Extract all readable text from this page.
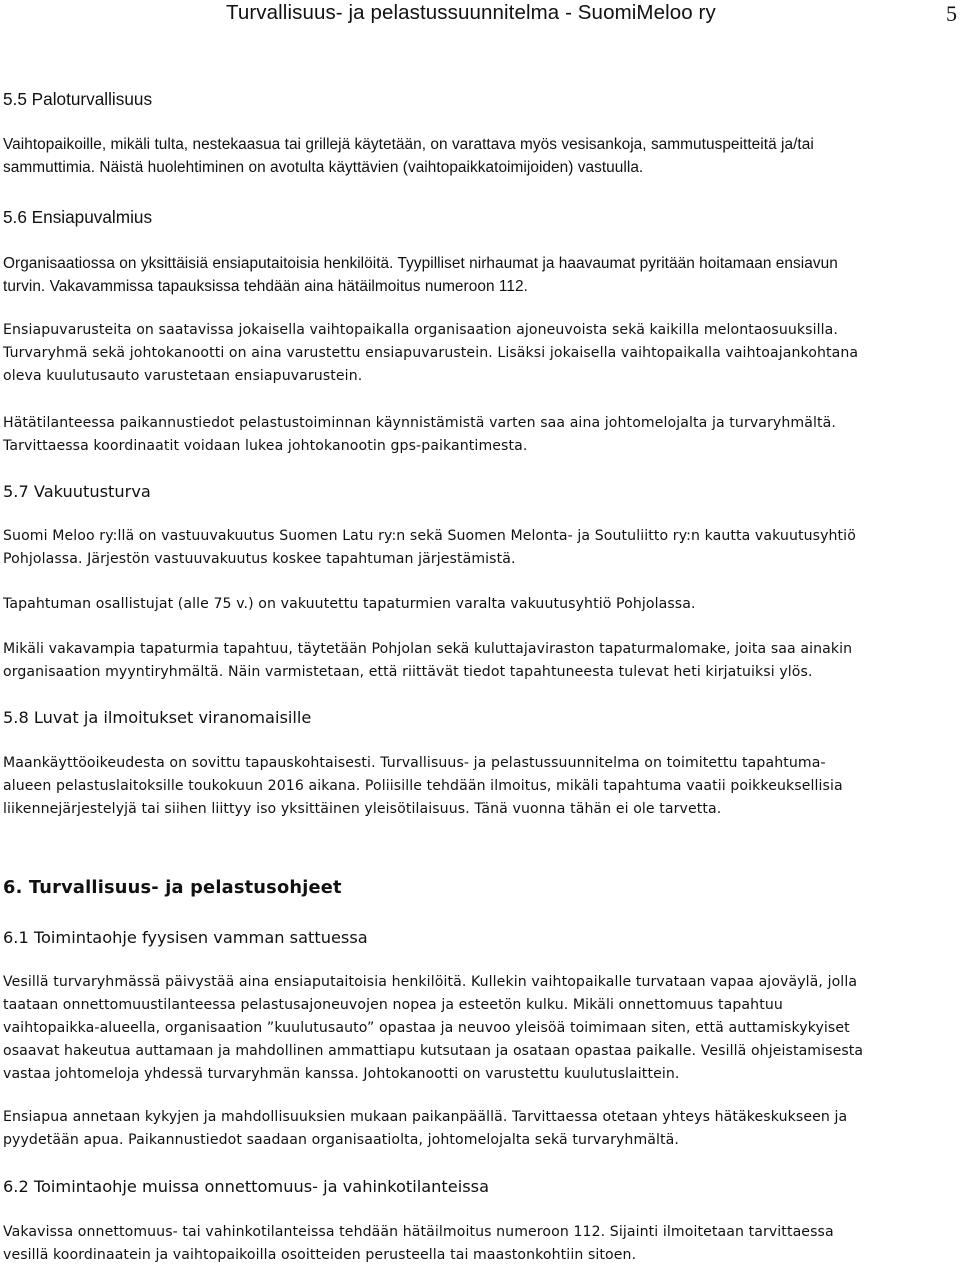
Turvallisuus- ja pelastussuunnitelma - SuomiMeloo ry	5
5.5 Paloturvallisuus
Vaihtopaikoille, mikäli tulta, nestekaasua tai grillejä käytetään, on varattava myös vesisankoja, sammutuspeitteitä ja/tai
sammuttimia. Näistä huolehtiminen on avotulta käyttävien (vaihtopaikkatoimijoiden) vastuulla.
5.6 Ensiapuvalmius
Organisaatiossa on yksittäisiä ensiaputaitoisia henkilöitä. Tyypilliset nirhaumat ja haavaumat pyritään hoitamaan ensiavun
turvin. Vakavammissa tapauksissa tehdään aina hätäilmoitus numeroon 112.
Ensiapuvarusteita on saatavissa jokaisella vaihtopaikalla organisaation ajoneuvoista sekä kaikilla melontaosuuksilla.
Turvaryhmä sekä johtokanootti on aina varustettu ensiapuvarustein. Lisäksi jokaisella vaihtopaikalla vaihtoajankohtana
oleva kuulutusauto varustetaan ensiapuvarustein.
Hätätilanteessa paikannustiedot pelastustoiminnan käynnistämistä varten saa aina johtomelojalta ja turvaryhmältä.
Tarvittaessa koordinaatit voidaan lukea johtokanootin gps-paikantimesta.
5.7 Vakuutusturva
Suomi Meloo ry:llä on vastuuvakuutus Suomen Latu ry:n sekä Suomen Melonta- ja Soutuliitto ry:n kautta vakuutusyhtiö
Pohjolassa. Järjestön vastuuvakuutus koskee tapahtuman järjestämistä.
Tapahtuman osallistujat (alle 75 v.) on vakuutettu tapaturmien varalta vakuutusyhtiö Pohjolassa.
Mikäli vakavampia tapaturmia tapahtuu, täytetään Pohjolan sekä kuluttajaviraston tapaturmalomake, joita saa ainakin
organisaation myyntiryhmältä. Näin varmistetaan, että riittävät tiedot tapahtuneesta tulevat heti kirjatuiksi ylös.
5.8 Luvat ja ilmoitukset viranomaisille
Maankäyttöoikeudesta on sovittu tapauskohtaisesti. Turvallisuus- ja pelastussuunnitelma on toimitettu tapahtuma-
alueen pelastuslaitoksille toukokuun 2016 aikana. Poliisille tehdään ilmoitus, mikäli tapahtuma vaatii poikkeuksellisia
liikennejärjestelyjä tai siihen liittyy iso yksittäinen yleisötilaisuus. Tänä vuonna tähän ei ole tarvetta.
6. Turvallisuus- ja pelastusohjeet
6.1 Toimintaohje fyysisen vamman sattuessa
Vesillä turvaryhmässä päivystää aina ensiaputaitoisia henkilöitä. Kullekin vaihtopaikalle turvataan vapaa ajoväylä, jolla
taataan onnettomuustilanteessa pelastusajoneuvojen nopea ja esteetön kulku. Mikäli onnettomuus tapahtuu
vaihtopaikka-alueella, organisaation ”kuulutusauto” opastaa ja neuvoo yleisöä toimimaan siten, että auttamiskykyiset
osaavat hakeutua auttamaan ja mahdollinen ammattiapu kutsutaan ja osataan opastaa paikalle. Vesillä ohjeistamisesta
vastaa johtomeloja yhdessä turvaryhmän kanssa. Johtokanootti on varustettu kuulutuslaittein.
Ensiapua annetaan kykyjen ja mahdollisuuksien mukaan paikanpäällä. Tarvittaessa otetaan yhteys hätäkeskukseen ja
pyydetään apua. Paikannustiedot saadaan organisaatiolta, johtomelojalta sekä turvaryhmältä.
6.2 Toimintaohje muissa onnettomuus- ja vahinkotilanteissa
Vakavissa onnettomuus- tai vahinkotilanteissa tehdään hätäilmoitus numeroon 112. Sijainti ilmoitetaan tarvittaessa
vesillä koordinaatein ja vaihtopaikoilla osoitteiden perusteella tai maastonkohtiin sitoen.
